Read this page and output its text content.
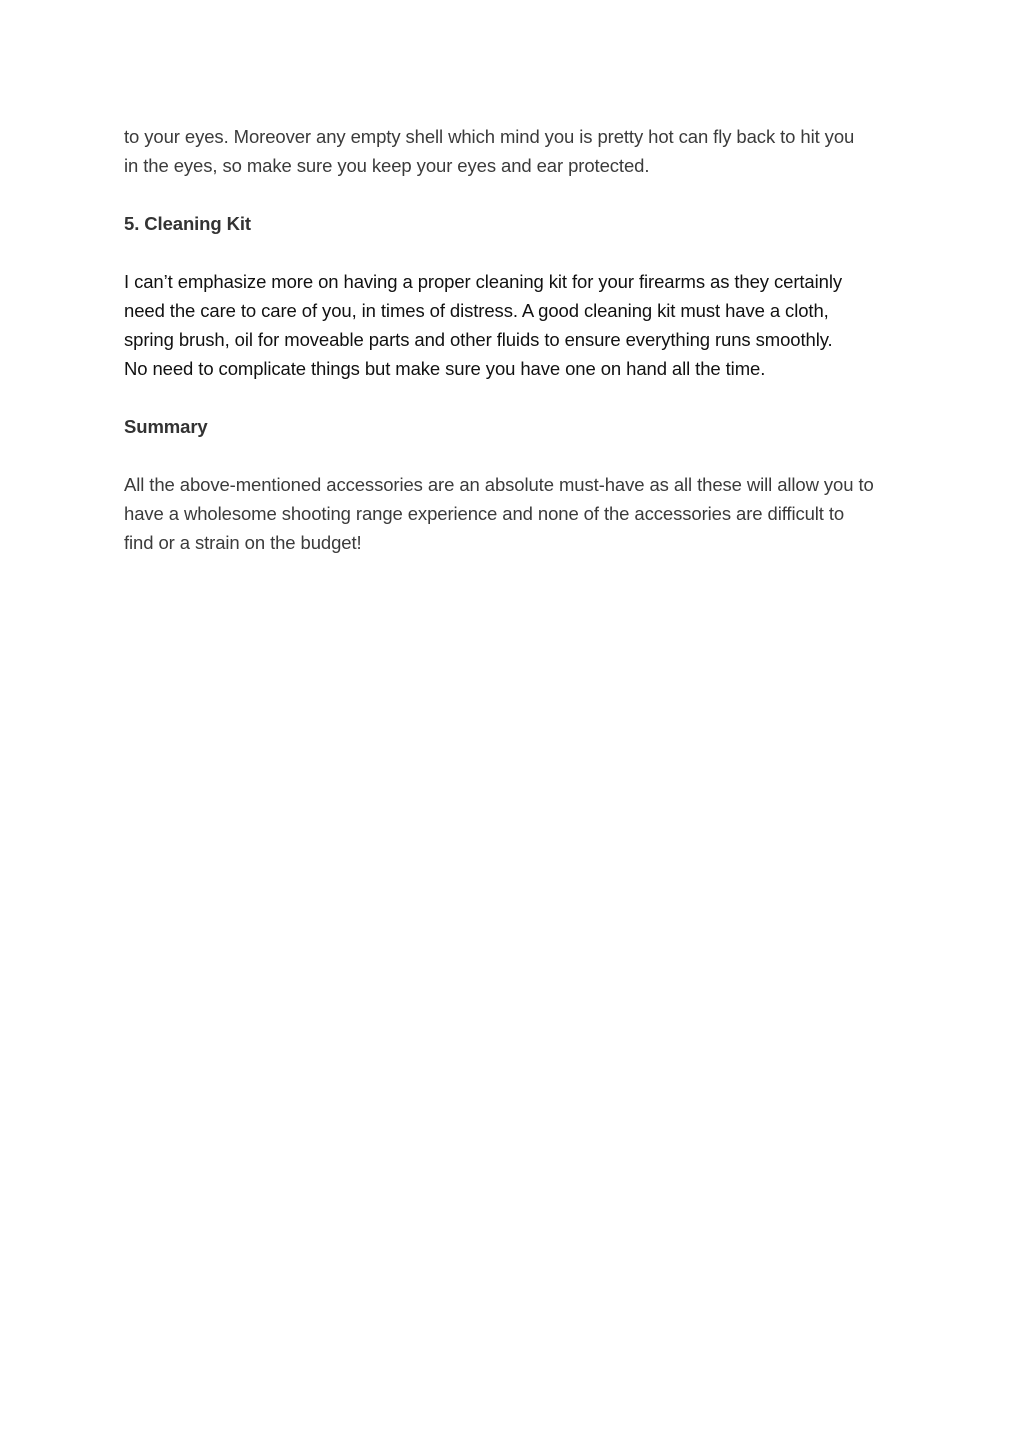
to your eyes. Moreover any empty shell which mind you is pretty hot can fly back to hit you
in the eyes, so make sure you keep your eyes and ear protected.

5. Cleaning Kit

I can’t emphasize more on having a proper cleaning kit for your firearms as they certainly
need the care to care of you, in times of distress. A good cleaning kit must have a cloth,
spring brush, oil for moveable parts and other fluids to ensure everything runs smoothly.
No need to complicate things but make sure you have one on hand all the time.

Summary

All the above-mentioned accessories are an absolute must-have as all these will allow you to
have a wholesome shooting range experience and none of the accessories are difficult to
find or a strain on the budget!
